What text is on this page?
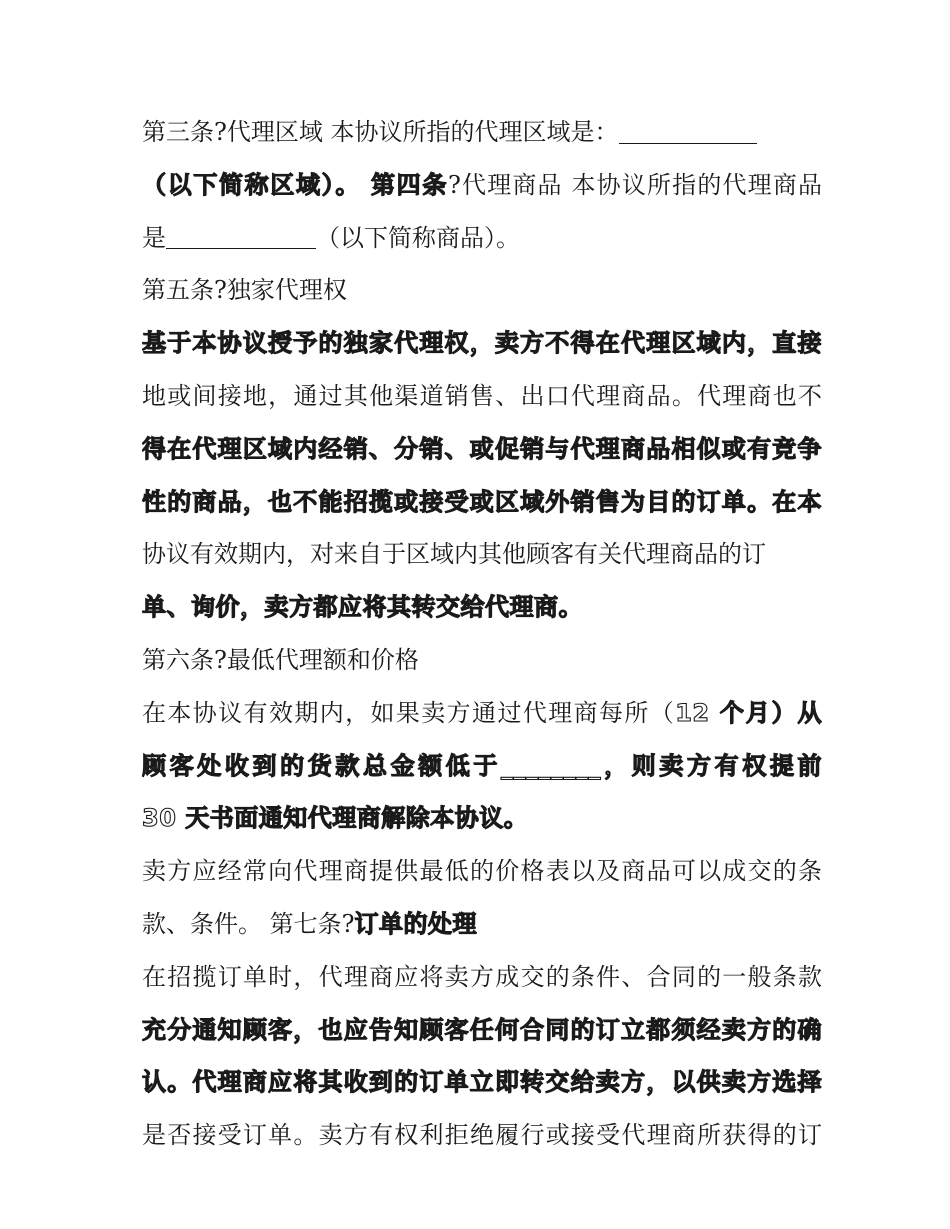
第三条?代理区域 本协议所指的代理区域是：
（以下简称区域）。 第四条?代理商品 本协议所指的代理商品
是	（以下简称商品）。
第五条?独家代理权
基于本协议授予的独家代理权，卖方不得在代理区域内，直接
地或间接地，通过其他渠道销售、出口代理商品。代理商也不
得在代理区域内经销、分销、或促销与代理商品相似或有竞争
性的商品，也不能招揽或接受或区域外销售为目的订单。在本
协议有效期内，对来自于区域内其他顾客有关代理商品的订
单、询价，卖方都应将其转交给代理商。
第六条?最低代理额和价格
在本协议有效期内，如果卖方通过代理商每所（12 个月）从
顾客处收到的货款总金额低于________，则卖方有权提前
30 天书面通知代理商解除本协议。
卖方应经常向代理商提供最低的价格表以及商品可以成交的条
款、条件。 第七条?订单的处理
在招揽订单时，代理商应将卖方成交的条件、合同的一般条款
充分通知顾客，也应告知顾客任何合同的订立都须经卖方的确
认。代理商应将其收到的订单立即转交给卖方，以供卖方选择
是否接受订单。卖方有权利拒绝履行或接受代理商所获得的订
